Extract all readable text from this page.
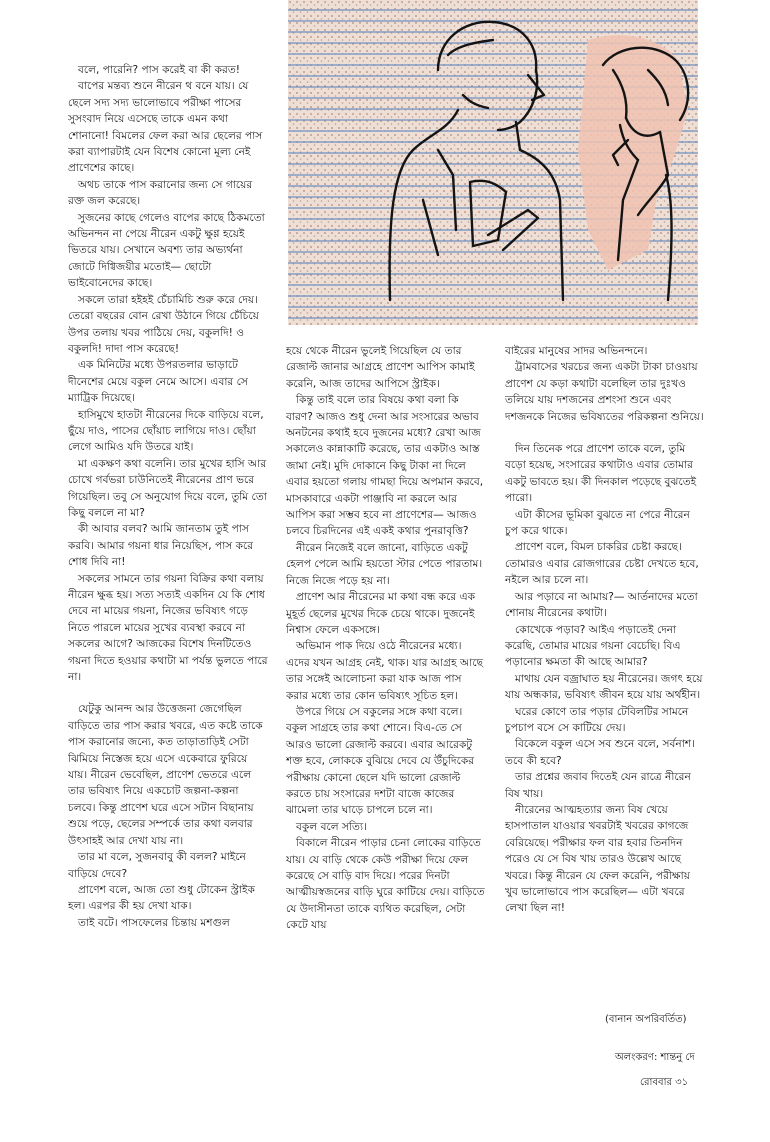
বলে, পারেনি? পাস করেই বা কী করত!

বাপের মন্তব্য শুনে নীরেন থ বনে যায়। যে ছেলে সদ্য সদ্য ভালোভাবে পরীক্ষা পাসের সুসংবাদ নিয়ে এসেছে তাকে এমন কথা শোনানো! বিমলের ফেল করা আর ছেলের পাস করা ব্যাপারটাই যেন বিশেষ কোনো মূল্য নেই প্রাণেশের কাছে।

অথচ তাকে পাস করানোর জন্য সে গায়ের রক্ত জল করেছে।

সুজনের কাছে গেলেও বাপের কাছে ঠিকমতো অভিনন্দন না পেয়ে নীরেন একটু ক্ষুণ্ণ হয়েই ভিতরে যায়। সেখানে অবশ্য তার অভ্যর্থনা জোটে দিগ্বিজয়ীর মতোই— ছোটো ভাইবোনেদের কাছে।

সকলে তারা হইহই চেঁচামিচি শুরু করে দেয়। তেরো বছরের বোন রেখা উঠানে গিয়ে চেঁচিয়ে উপর তলায় খবর পাঠিয়ে দেয়, বকুলদি! ও বকুলদি! দাদা পাস করেছে!

এক মিনিটের মধ্যে উপরতলার ভাড়াটে দীনেশের মেয়ে বকুল নেমে আসে। এবার সে ম্যাট্রিক দিয়েছে।

হাসিমুখে হাতটা নীরেনের দিকে বাড়িয়ে বলে, ছুঁয়ে দাও, পাসের ছোঁয়াচ লাগিয়ে দাও। ছোঁয়া লেগে আমিও যদি উতরে যাই।

মা একক্ষণ কথা বলেনি। তার মুখের হাসি আর চোখে গর্বভরা চাউনিতেই নীরেনের প্রাণ ভরে গিয়েছিল। তবু সে অনুযোগ দিয়ে বলে, তুমি তো কিছু বললে না মা?

কী আবার বলব? আমি জানতাম তুই পাস করবি। আমার গয়না ধার নিয়েছিস, পাস করে শোধ দিবি না!

সকলের সামনে তার গয়না বিক্রির কথা বলায় নীরেন ক্ষুব্ধ হয়। সত্য সত্যই একদিন যে কি শোধ দেবে না মায়ের গয়না, নিজের ভবিষ্যৎ গড়ে নিতে পারলে মায়ের সুখের ব্যবস্থা করবে না সকলের আগে? আজকের বিশেষ দিনটিতেও গয়না দিতে হওয়ার কথাটা মা পর্যন্ত ভুলতে পারে না।

যেটুকু আনন্দ আর উত্তেজনা জেগেছিল বাড়িতে তার পাস করার খবরে, এত কষ্টে তাকে পাস করানোর জন্যে, কত তাড়াতাড়িই সেটা ঝিমিয়ে নিস্তেজ হয়ে এসে একেবারে ফুরিয়ে যায়। নীরেন ভেবেছিল, প্রাণেশ ভেতরে এলে তার ভবিষ্যৎ নিয়ে একচোট জল্পনা-কল্পনা চলবে। কিন্তু প্রাণেশ ঘরে এসে সটান বিছানায় শুয়ে পড়ে, ছেলের সম্পর্কে তার কথা বলবার উৎসাহই আর দেখা যায় না।

তার মা বলে, সুজনবাবু কী বলল? মাইনে বাড়িয়ে দেবে?

প্রাণেশ বলে, আজ তো শুধু টোকেন স্ট্রাইক হল। এরপর কী হয় দেখা যাক।

তাই বটে। পাসফেলের চিন্তায় মশগুল

হয়ে থেকে নীরেন ভুলেই গিয়েছিল যে তার রেজাল্ট জানার আগ্রহে প্রাণেশ আপিস কামাই করেনি, আজ তাদের আপিসে স্ট্রাইক।

কিন্তু তাই বলে তার বিষয়ে কথা বলা কি বারণ? আজও শুধু দেনা আর সংসারের অভাব অনটনের কথাই হবে দুজনের মধ্যে? রেখা আজ সকালেও কান্নাকাটি করেছে, তার একটাও আস্ত জামা নেই। মুদি দোকানে কিছু টাকা না দিলে এবার হয়তো গলায় গামছা দিয়ে অপমান করবে, মাসকাবারে একটা পাঞ্জাবি না করলে আর আপিস করা সম্ভব হবে না প্রাণেশের— আজও চলবে চিরদিনের এই একই কথার পুনরাবৃত্তি?

নীরেন নিজেই বলে জানো, বাড়িতে একটু হেলপ পেলে আমি হয়তো স্টার পেতে পারতাম। নিজে নিজে পড়ে হয় না।

প্রাণেশ আর নীরেনের মা কথা বন্ধ করে এক মুহূর্ত ছেলের মুখের দিকে চেয়ে থাকে। দুজনেই নিশ্বাস ফেলে একসঙ্গে।

অভিমান পাক দিয়ে ওঠে নীরেনের মধ্যে। এদের যখন আগ্রহ নেই, থাক। যার আগ্রহ আছে তার সঙ্গেই আলোচনা করা যাক আজ পাস করার মধ্যে তার কোন ভবিষ্যৎ সূচিত হল।

উপরে গিয়ে সে বকুলের সঙ্গে কথা বলে। বকুল সাগ্রহে তার কথা শোনে। বিএ-তে সে আরও ভালো রেজাল্ট করবে। এবার আরেকটু শক্ত হবে, লোককে বুঝিয়ে দেবে যে উঁচুদিকের পরীক্ষায় কোনো ছেলে যদি ভালো রেজাল্ট করতে চায় সংসারের দশটা বাজে কাজের ঝামেলা তার ঘাড়ে চাপলে চলে না।

বকুল বলে সত্যি।

বিকালে নীরেন পাড়ার চেনা লোকের বাড়িতে যায়। যে বাড়ি থেকে কেউ পরীক্ষা দিয়ে ফেল করেছে সে বাড়ি বাদ দিয়ে। পরের দিনটা আত্মীয়স্বজনের বাড়ি ঘুরে কাটিয়ে দেয়। বাড়িতে যে উদাসীনতা তাকে ব্যথিত করেছিল, সেটা কেটে যায়

বাইরের মানুষের সাদর অভিনন্দনে।

ট্রামবাসের খরচের জন্য একটা টাকা চাওয়ায় প্রাণেশ যে কড়া কথাটা বলেছিল তার দুঃখও তলিয়ে যায় দশজনের প্রশংসা শুনে এবং দশজনকে নিজের ভবিষ্যতের পরিকল্পনা শুনিয়ে।

দিন তিনেক পরে প্রাণেশ তাকে বলে, তুমি বড়ো হয়েছ, সংসারের কথাটাও এবার তোমার একটু ভাবতে হয়। কী দিনকাল পড়েছে বুঝতেই পারো।

এটা কীসের ভূমিকা বুঝতে না পেরে নীরেন চুপ করে থাকে।

প্রাণেশ বলে, বিমল চাকরির চেষ্টা করছে। তোমারও এবার রোজগারের চেষ্টা দেখতে হবে, নইলে আর চলে না।

আর পড়াবে না আমায়?— আর্তনাদের মতো শোনায় নীরেনের কথাটা।

কোখেকে পড়াব? আইএ পড়াতেই দেনা করেছি, তোমার মায়ের গয়না বেচেছি। বিএ পড়ানোর ক্ষমতা কী আছে আমার?

মাথায় যেন বজ্রাঘাত হয় নীরেনের। জগৎ হয়ে যায় অন্ধকার, ভবিষ্যৎ জীবন হয়ে যায় অর্থহীন।

ঘরের কোণে তার পড়ার টেবিলটির সামনে চুপচাপ বসে সে কাটিয়ে দেয়।

বিকেলে বকুল এসে সব শুনে বলে, সর্বনাশ। তবে কী হবে?

তার প্রশ্নের জবাব দিতেই যেন রাত্রে নীরেন বিষ খায়।

নীরেনের আত্মহত্যার জন্য বিষ খেয়ে হাসপাতাল যাওয়ার খবরটাই খবরের কাগজে বেরিয়েছে। পরীক্ষার ফল বার হবার তিনদিন পরেও যে সে বিষ খায় তারও উল্লেখ আছে খবরে। কিন্তু নীরেন যে ফেল করেনি, পরীক্ষায় খুব ভালোভাবে পাস করেছিল— এটা খবরে লেখা ছিল না!

(বানান অপরিবর্তিত)
অলংকরণ: শান্তনু দে
রোববার ৩১
